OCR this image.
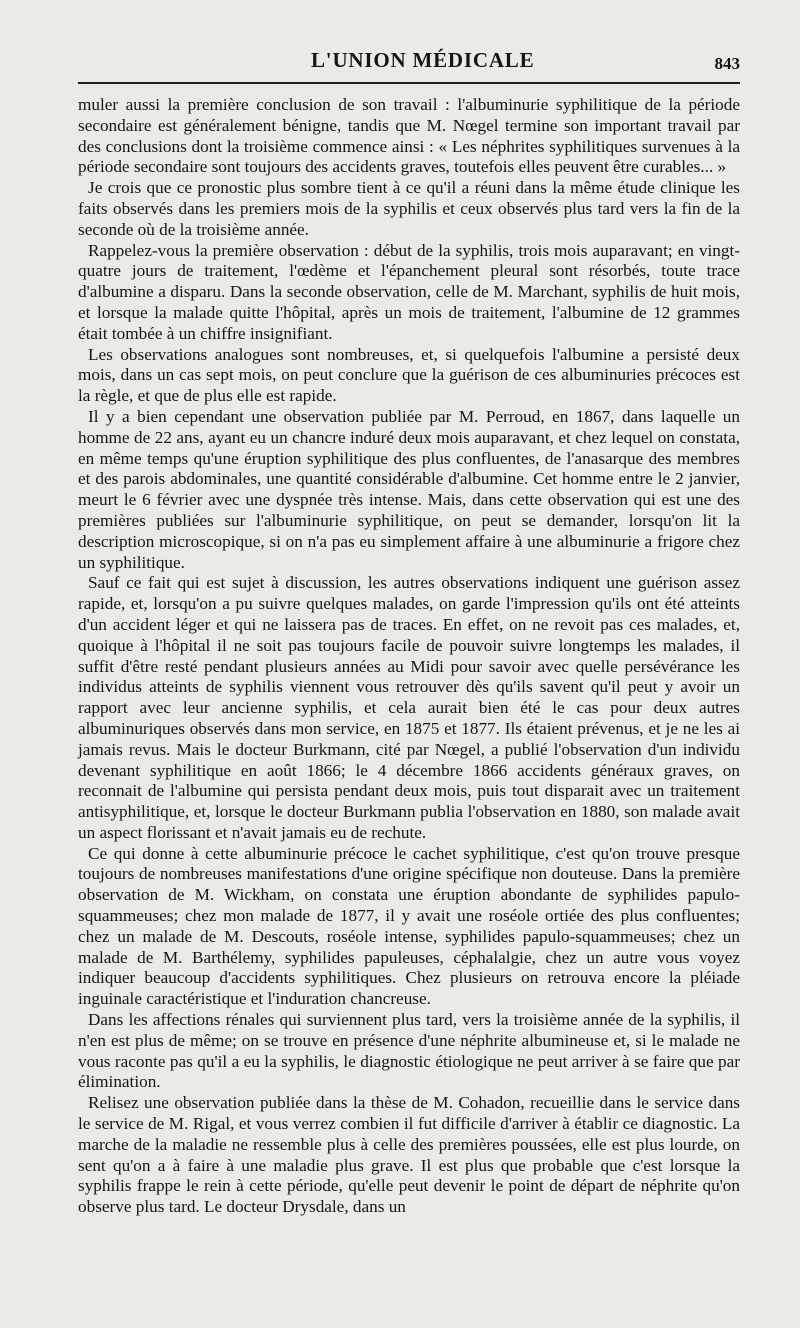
L'UNION MÉDICALE	843

muler aussi la première conclusion de son travail : l'albuminurie syphilitique de la période secondaire est généralement bénigne, tandis que M. Nœgel termine son important travail par des conclusions dont la troisième commence ainsi : « Les néphrites syphilitiques survenues à la période secondaire sont toujours des accidents graves, toutefois elles peuvent être curables... »

Je crois que ce pronostic plus sombre tient à ce qu'il a réuni dans la même étude clinique les faits observés dans les premiers mois de la syphilis et ceux observés plus tard vers la fin de la seconde où de la troisième année.

Rappelez-vous la première observation : début de la syphilis, trois mois auparavant; en vingt-quatre jours de traitement, l'œdème et l'épanchement pleural sont résorbés, toute trace d'albumine a disparu. Dans la seconde observation, celle de M. Marchant, syphilis de huit mois, et lorsque la malade quitte l'hôpital, après un mois de traitement, l'albumine de 12 grammes était tombée à un chiffre insignifiant.

Les observations analogues sont nombreuses, et, si quelquefois l'albumine a persisté deux mois, dans un cas sept mois, on peut conclure que la guérison de ces albuminuries précoces est la règle, et que de plus elle est rapide.

Il y a bien cependant une observation publiée par M. Perroud, en 1867, dans laquelle un homme de 22 ans, ayant eu un chancre induré deux mois auparavant, et chez lequel on constata, en même temps qu'une éruption syphilitique des plus confluentes, de l'anasarque des membres et des parois abdominales, une quantité considérable d'albumine. Cet homme entre le 2 janvier, meurt le 6 février avec une dyspnée très intense. Mais, dans cette observation qui est une des premières publiées sur l'albuminurie syphilitique, on peut se demander, lorsqu'on lit la description microscopique, si on n'a pas eu simplement affaire à une albuminurie a frigore chez un syphilitique.

Sauf ce fait qui est sujet à discussion, les autres observations indiquent une guérison assez rapide, et, lorsqu'on a pu suivre quelques malades, on garde l'impression qu'ils ont été atteints d'un accident léger et qui ne laissera pas de traces. En effet, on ne revoit pas ces malades, et, quoique à l'hôpital il ne soit pas toujours facile de pouvoir suivre longtemps les malades, il suffit d'être resté pendant plusieurs années au Midi pour savoir avec quelle persévérance les individus atteints de syphilis viennent vous retrouver dès qu'ils savent qu'il peut y avoir un rapport avec leur ancienne syphilis, et cela aurait bien été le cas pour deux autres albuminuriques observés dans mon service, en 1875 et 1877. Ils étaient prévenus, et je ne les ai jamais revus. Mais le docteur Burkmann, cité par Nœgel, a publié l'observation d'un individu devenant syphilitique en août 1866; le 4 décembre 1866 accidents généraux graves, on reconnait de l'albumine qui persista pendant deux mois, puis tout disparait avec un traitement antisyphilitique, et, lorsque le docteur Burkmann publia l'observation en 1880, son malade avait un aspect florissant et n'avait jamais eu de rechute.

Ce qui donne à cette albuminurie précoce le cachet syphilitique, c'est qu'on trouve presque toujours de nombreuses manifestations d'une origine spécifique non douteuse. Dans la première observation de M. Wickham, on constata une éruption abondante de syphilides papulo-squammeuses; chez mon malade de 1877, il y avait une roséole ortiée des plus confluentes; chez un malade de M. Descouts, roséole intense, syphilides papulo-squammeuses; chez un malade de M. Barthélemy, syphilides papuleuses, céphalalgie, chez un autre vous voyez indiquer beaucoup d'accidents syphilitiques. Chez plusieurs on retrouva encore la pléiade inguinale caractéristique et l'induration chancreuse.

Dans les affections rénales qui surviennent plus tard, vers la troisième année de la syphilis, il n'en est plus de même; on se trouve en présence d'une néphrite albumineuse et, si le malade ne vous raconte pas qu'il a eu la syphilis, le diagnostic étiologique ne peut arriver à se faire que par élimination.

Relisez une observation publiée dans la thèse de M. Cohadon, recueillie dans le service dans le service de M. Rigal, et vous verrez combien il fut difficile d'arriver à établir ce diagnostic. La marche de la maladie ne ressemble plus à celle des premières poussées, elle est plus lourde, on sent qu'on a à faire à une maladie plus grave. Il est plus que probable que c'est lorsque la syphilis frappe le rein à cette période, qu'elle peut devenir le point de départ de néphrite qu'on observe plus tard. Le docteur Drysdale, dans un
